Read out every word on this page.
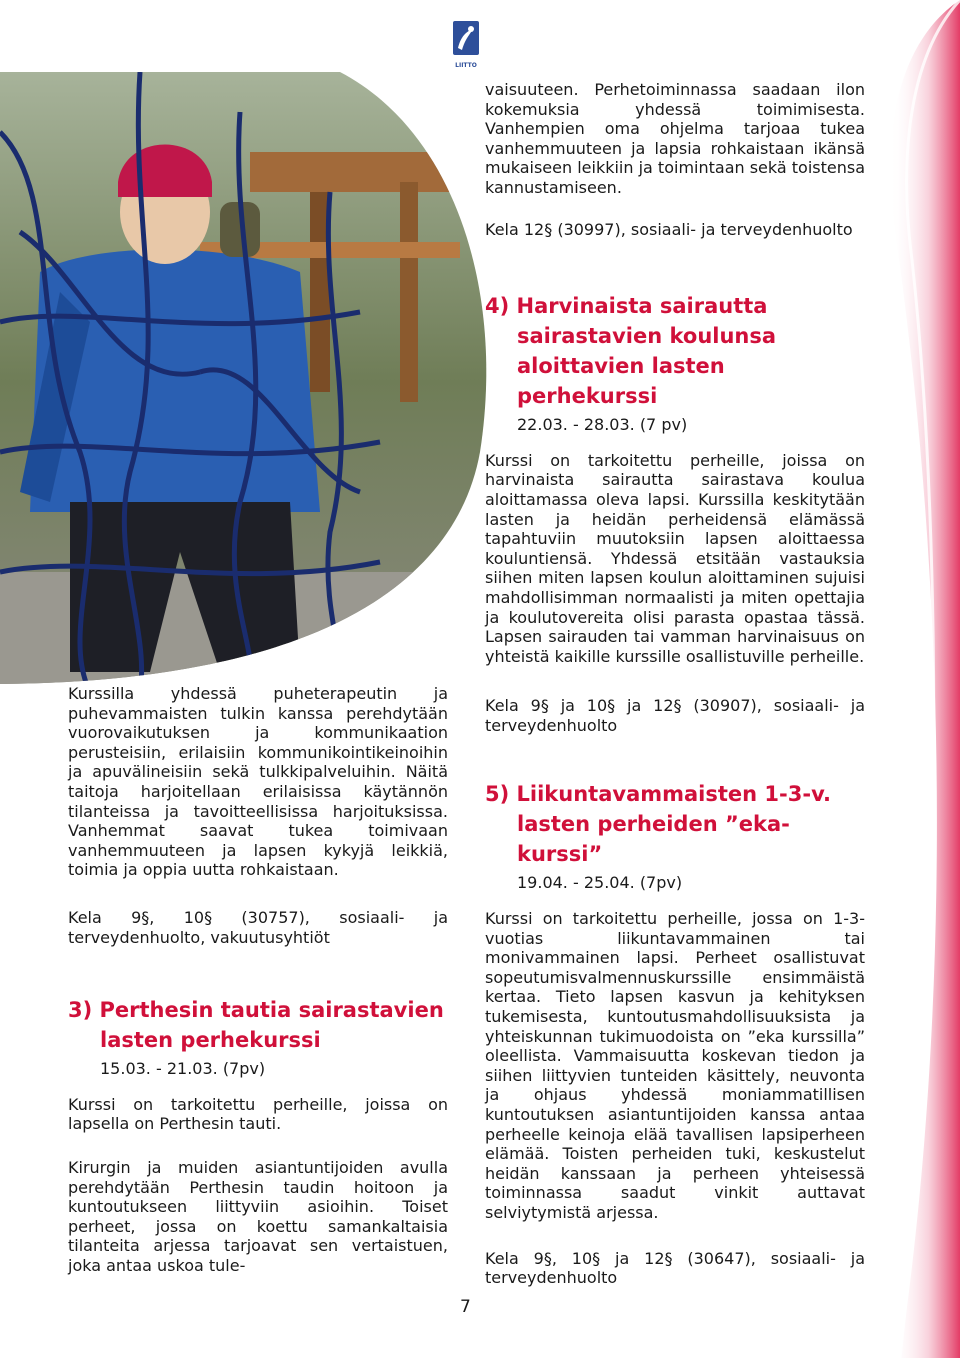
LIITTO

vaisuuteen. Perhetoiminnassa saadaan ilon kokemuksia yhdessä toimimisesta. Vanhempien oma ohjelma tarjoaa tukea vanhemmuuteen ja lapsia rohkaistaan ikänsä mukaiseen leikkiin ja toimintaan sekä toistensa kannustamiseen.

Kela 12§ (30997), sosiaali- ja terveydenhuolto
4) Harvinaista sairautta sairastavien koulunsa aloittavien lasten perhekurssi
22.03. - 28.03. (7 pv)

Kurssi on tarkoitettu perheille, joissa on harvinaista sairautta sairastava koulua aloittamassa oleva lapsi. Kurssilla keskitytään lasten ja heidän perheidensä elämässä tapahtuviin muutoksiin lapsen aloittaessa kouluntiensä. Yhdessä etsitään vastauksia siihen miten lapsen koulun aloittaminen sujuisi mahdollisimman normaalisti ja miten opettajia ja koulutovereita olisi parasta opastaa tässä. Lapsen sairauden tai vamman harvinaisuus on yhteistä kaikille kurssille osallistuville perheille.

Kela 9§ ja 10§ ja 12§ (30907), sosiaali- ja terveydenhuolto
5) Liikuntavammaisten 1-3-v. lasten perheiden ”eka-kurssi”
19.04. - 25.04. (7pv)

Kurssi on tarkoitettu perheille, jossa on 1-3-vuotias liikuntavammainen tai monivammainen lapsi. Perheet osallistuvat sopeutumisvalmennuskurssille ensimmäistä kertaa. Tieto lapsen kasvun ja kehityksen tukemisesta, kuntoutusmahdollisuuksista ja yhteiskunnan tukimuodoista on ”eka kurssilla” oleellista. Vammaisuutta koskevan tiedon ja siihen liittyvien tunteiden käsittely, neuvonta ja ohjaus yhdessä moniammatillisen kuntoutuksen asiantuntijoiden kanssa antaa perheelle keinoja elää tavallisen lapsiperheen elämää. Toisten perheiden tuki, keskustelut heidän kanssaan ja perheen yhteisessä toiminnassa saadut vinkit auttavat selviytymistä arjessa.

Kela 9§, 10§ ja 12§ (30647), sosiaali- ja terveydenhuolto

Kurssilla yhdessä puheterapeutin ja puhevammaisten tulkin kanssa perehdytään vuorovaikutuksen ja kommunikaation perusteisiin, erilaisiin kommunikointikeinoihin ja apuvälineisiin sekä tulkkipalveluihin. Näitä taitoja harjoitellaan erilaisissa käytännön tilanteissa ja tavoitteellisissa harjoituksissa. Vanhemmat saavat tukea toimivaan vanhemmuuteen ja lapsen kykyjä leikkiä, toimia ja oppia uutta rohkaistaan.

Kela 9§, 10§ (30757), sosiaali- ja terveydenhuolto, vakuutusyhtiöt
3) Perthesin tautia sairastavien lasten perhekurssi
15.03. - 21.03. (7pv)

Kurssi on tarkoitettu perheille, joissa on lapsella on Perthesin tauti.

Kirurgin ja muiden asiantuntijoiden avulla perehdytään Perthesin taudin hoitoon ja kuntoutukseen liittyviin asioihin. Toiset perheet, jossa on koettu samankaltaisia tilanteita arjessa tarjoavat sen vertaistuen, joka antaa uskoa tule-

7
